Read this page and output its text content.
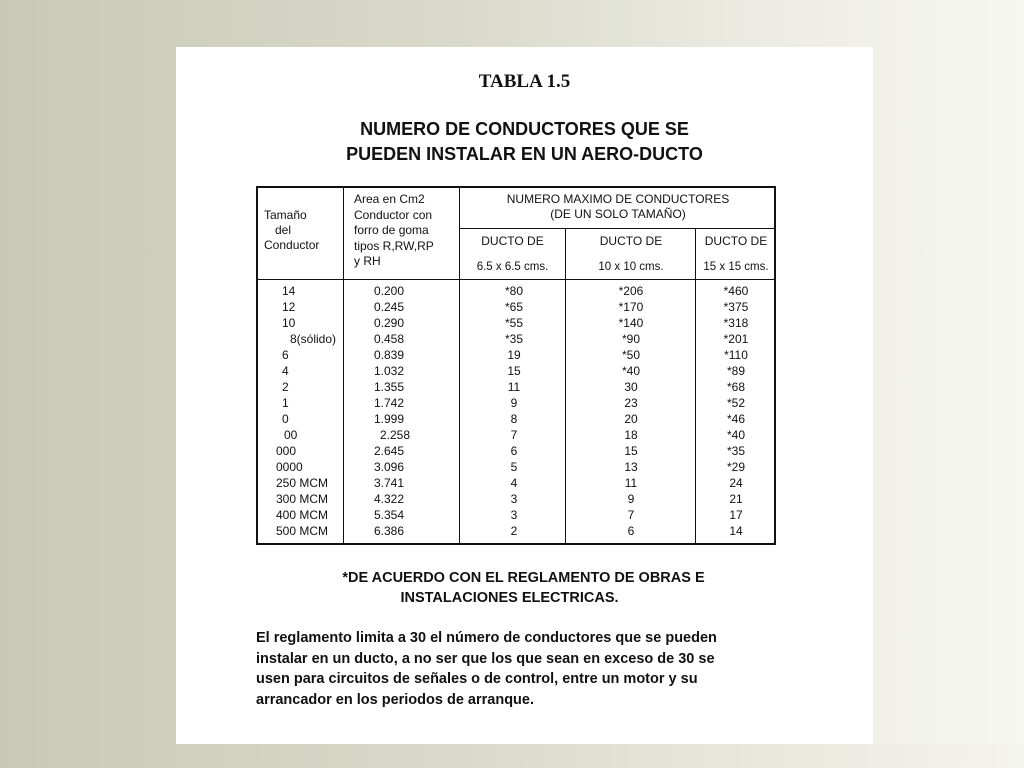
TABLA 1.5
NUMERO DE CONDUCTORES QUE SE
PUEDEN INSTALAR EN UN AERO-DUCTO
Tamaño
del
Conductor
Area en Cm2
Conductor con
forro de goma
tipos R,RW,RP
y RH
NUMERO MAXIMO DE CONDUCTORES
(DE UN SOLO TAMAÑO)
DUCTO DE	DUCTO DE	DUCTO DE
6.5 x 6.5 cms.	10 x 10 cms.	15 x 15 cms.
14	0.200	*80	*206	*460
12	0.245	*65	*170	*375
10	0.290	*55	*140	*318
8(sólido)	0.458	*35	*90	*201
6	0.839	19	*50	*110
4	1.032	15	*40	*89
2	1.355	11	30	*68
1	1.742	9	23	*52
0	1.999	8	20	*46
00	2.258	7	18	*40
000	2.645	6	15	*35
0000	3.096	5	13	*29
250 MCM	3.741	4	11	24
300 MCM	4.322	3	9	21
400 MCM	5.354	3	7	17
500 MCM	6.386	2	6	14
*DE ACUERDO CON EL REGLAMENTO DE OBRAS E
INSTALACIONES ELECTRICAS.
El reglamento limita a 30 el número de conductores que se pueden
instalar en un ducto, a no ser que los que sean en exceso de 30 se
usen para circuitos de señales o de control, entre un motor y su
arrancador en los periodos de arranque.
